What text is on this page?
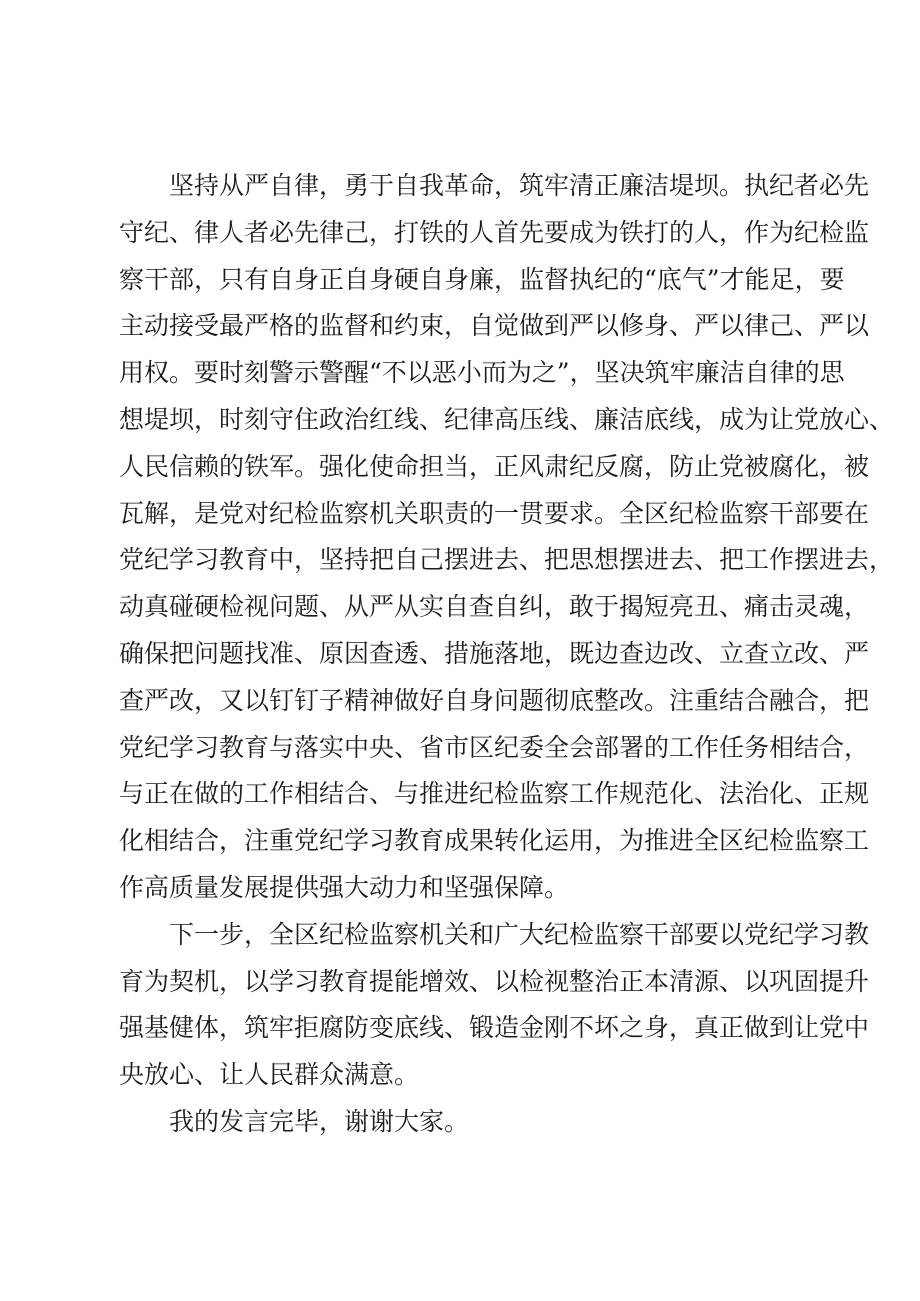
坚持从严自律，勇于自我革命，筑牢清正廉洁堤坝。执纪者必先
守纪、律人者必先律己，打铁的人首先要成为铁打的人，作为纪检监
察干部，只有自身正自身硬自身廉，监督执纪的“底气”才能足，要
主动接受最严格的监督和约束，自觉做到严以修身、严以律己、严以
用权。要时刻警示警醒“不以恶小而为之”，坚决筑牢廉洁自律的思
想堤坝，时刻守住政治红线、纪律高压线、廉洁底线，成为让党放心、
人民信赖的铁军。强化使命担当，正风肃纪反腐，防止党被腐化，被
瓦解，是党对纪检监察机关职责的一贯要求。全区纪检监察干部要在
党纪学习教育中，坚持把自己摆进去、把思想摆进去、把工作摆进去，
动真碰硬检视问题、从严从实自查自纠，敢于揭短亮丑、痛击灵魂，
确保把问题找准、原因查透、措施落地，既边查边改、立查立改、严
查严改，又以钉钉子精神做好自身问题彻底整改。注重结合融合，把
党纪学习教育与落实中央、省市区纪委全会部署的工作任务相结合，
与正在做的工作相结合、与推进纪检监察工作规范化、法治化、正规
化相结合，注重党纪学习教育成果转化运用，为推进全区纪检监察工
作高质量发展提供强大动力和坚强保障。
下一步，全区纪检监察机关和广大纪检监察干部要以党纪学习教
育为契机，以学习教育提能增效、以检视整治正本清源、以巩固提升
强基健体，筑牢拒腐防变底线、锻造金刚不坏之身，真正做到让党中
央放心、让人民群众满意。
我的发言完毕，谢谢大家。
